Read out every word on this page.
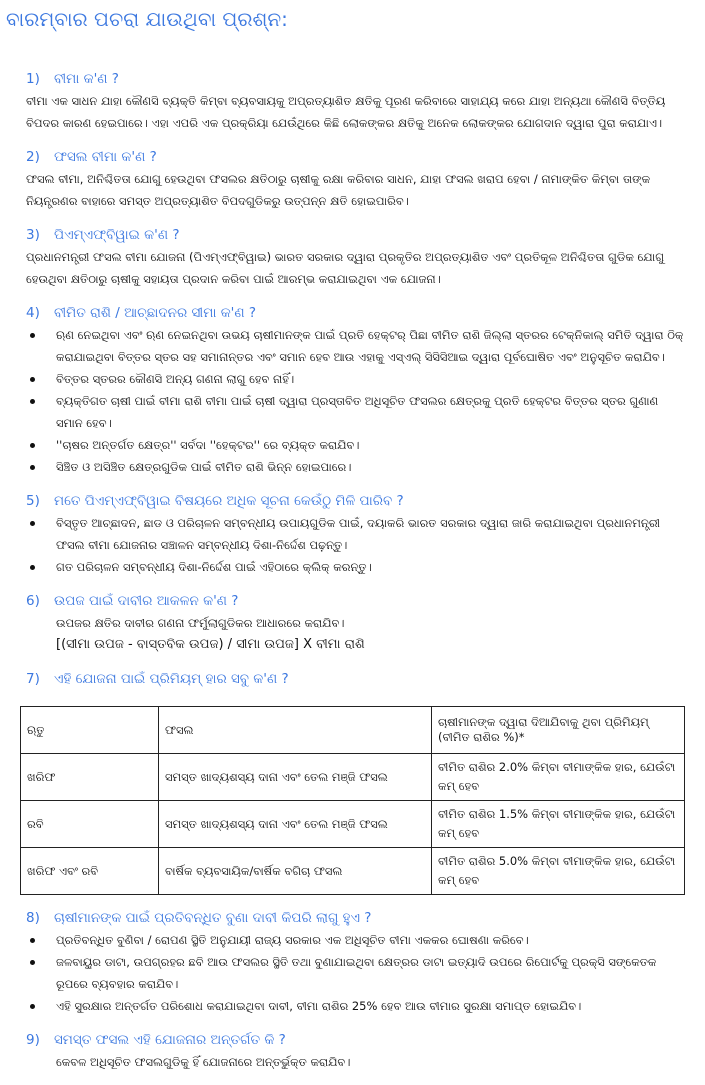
ବାରମ୍ବାର ପଚରା ଯାଉଥିବା ପ୍ରଶ୍ନ:
1) ବୀମା କ'ଣ ?
ବୀମା ଏକ ସାଧନ ଯାହା କୌଣସି ବ୍ୟକ୍ତି କିମ୍ବା ବ୍ୟବସାୟକୁ ଅପ୍ରତ୍ୟାଶିତ କ୍ଷତିକୁ ପୂରଣ କରିବାରେ ସାହାଯ୍ୟ କରେ ଯାହା ଅନ୍ୟଥା କୌଣସି ବିତ୍ତିୟ ବିପଦର କାରଣ ହେଇପାରେ। ଏହା ଏପରି ଏକ ପ୍ରକ୍ରିୟା ଯେଉଁଥିରେ କିଛି ଲୋକଙ୍କର କ୍ଷତିକୁ ଅନେକ ଲୋକଙ୍କର ଯୋଗଦାନ ଦ୍ୱାରା ପୁରା କରାଯାଏ।
2) ଫସଲ ବୀମା କ'ଣ ?
ଫସଲ ବୀମା, ଅନିଶ୍ଚିତତା ଯୋଗୁ ହେଉଥିବା ଫସଲର କ୍ଷତିଠାରୁ ଚାଷୀକୁ ରକ୍ଷା କରିବାର ସାଧନ, ଯାହା ଫସଲ ଖରାପ ହେବା / ନାମାଙ୍କିତ କିମ୍ବା ତାଙ୍କ ନିୟନ୍ତ୍ରଣର ବାହାରେ ସମସ୍ତ ଅପ୍ରତ୍ୟାଶିତ ବିପଦଗୁଡିକରୁ ଉତ୍ପନ୍ନ କ୍ଷତି ହୋଇପାରିବ।
3) ପିଏମ୍ଏଫ୍ବିୱାଇ କ'ଣ ?
ପ୍ରଧାନମନ୍ତ୍ରୀ ଫସଲ ବୀମା ଯୋଜନା (ପିଏମ୍ଏଫ୍ବିୱାଇ) ଭାରତ ସରକାର ଦ୍ୱାରା ପ୍ରକୃତିର ଅପ୍ରତ୍ୟାଶିତ ଏବଂ ପ୍ରତିକୂଳ ଅନିଶ୍ଚିତତା ଗୁଡିକ ଯୋଗୁ ହେଉଥିବା କ୍ଷତିଠାରୁ ଚାଷୀକୁ ସହାୟତା ପ୍ରଦାନ କରିବା ପାଇଁ ଆରମ୍ଭ କରାଯାଇଥିବା ଏକ ଯୋଜନା।
4) ବୀମିତ ରାଶି / ଆଚ୍ଛାଦନର ସୀମା କ'ଣ ?
ଋଣ ନେଇଥିବା ଏବଂ ଋଣ ନେଇନଥିବା ଉଭୟ ଚାଷୀମାନଙ୍କ ପାଇଁ ପ୍ରତି ହେକ୍ଟର୍ ପିଛା ବୀମିତ ରାଶି ଜିଲ୍ଲା ସ୍ତରର ଟେକ୍ନିକାଲ୍ ସମିତି ଦ୍ୱାରା ଠିକ୍ କରାଯାଇଥିବା ବିତ୍ତର ସ୍ତର ସହ ସମାନାନ୍ତର ଏବଂ ସମାନ ହେବ ଆଉ ଏହାକୁ ଏସ୍ଏଲ୍ ସିସିସିଆଇ ଦ୍ୱାରା ପୂର୍ବଘୋଷିତ ଏବଂ ଅନୁସୂଚିତ କରାଯିବ।
ବିତ୍ତର ସ୍ତରର କୌଣସି ଅନ୍ୟ ଗଣନା ଲାଗୁ ହେବ ନାହିଁ।
ବ୍ୟକ୍ତିଗତ ଚାଷୀ ପାଇଁ ବୀମା ରାଶି ବୀମା ପାଇଁ ଚାଷୀ ଦ୍ୱାରା ପ୍ରସ୍ତାବିତ ଅଧିସୂଚିତ ଫସଲର କ୍ଷେତ୍ରକୁ ପ୍ରତି ହେକ୍ଟର ବିତ୍ତର ସ୍ତର ଗୁଣାଣ ସମାନ ହେବ।
''ଚାଷର ଅନ୍ତର୍ଗତ କ୍ଷେତ୍ର'' ସର୍ବଦା ''ହେକ୍ଟର'' ରେ ବ୍ୟକ୍ତ କରାଯିବ।
ସିଞ୍ଚିତ ଓ ଅସିଞ୍ଚିତ କ୍ଷେତ୍ରଗୁଡିକ ପାଇଁ ବୀମିତ ରାଶି ଭିନ୍ନ ହୋଇପାରେ।
5) ମତେ ପିଏମ୍ଏଫ୍ବିୱାଇ ବିଷୟରେ ଅଧିକ ସୂଚନା କେଉଁଠୁ ମିଳି ପାରିବ ?
ବିସ୍ତୃତ ଆଚ୍ଛାଦନ, ଛାଡ ଓ ପରିଚାଳନ ସମ୍ବନ୍ଧୀୟ ଉପାୟଗୁଡିକ ପାଇଁ, ଦୟାକରି ଭାରତ ସରକାର ଦ୍ୱାରା ଜାରି କରାଯାଇଥିବା ପ୍ରଧାନମନ୍ତ୍ରୀ ଫସଲ ବୀମା ଯୋଜନାର ସଞ୍ଚାଳନ ସମ୍ବନ୍ଧୀୟ ଦିଶା-ନିର୍ଦ୍ଦେଶ ପଢ଼ନ୍ତୁ।
ଗତ ପରିଚାଳନ ସମ୍ବନ୍ଧୀୟ ଦିଶା-ନିର୍ଦ୍ଦେଶ ପାଇଁ ଏହିଠାରେ କ୍ଲିକ୍ କରନ୍ତୁ।
6) ଉପଜ ପାଇଁ ଦାବୀର ଆକଳନ କ'ଣ ?
ଉପଜର କ୍ଷତିର ଦାବୀର ଗଣନା ଫର୍ମୁଲାଗୁଡିକର ଆଧାରରେ କରାଯିବ।
[(ସୀମା ଉପଜ - ବାସ୍ତବିକ ଉପଜ) / ସୀମା ଉପଜ] X ବୀମା ରାଶି
7) ଏହି ଯୋଜନା ପାଇଁ ପ୍ରିମିୟମ୍ ହାର ସବୁ କ'ଣ ?
ଋତୁ	ଫସଲ	ଚାଷୀମାନଙ୍କ ଦ୍ୱାରା ଦିଆଯିବାକୁ ଥିବା ପ୍ରିମିୟମ୍ (ବୀମିତ ରାଶିର %)*
ଖରିଫ	ସମସ୍ତ ଖାଦ୍ୟଶସ୍ୟ ଦାନା ଏବଂ ତେଲ ମଞ୍ଜି ଫସଲ	ବୀମିତ ରାଶିର 2.0% କିମ୍ବା ବୀମାଙ୍କିକ ହାର, ଯେଉଁଟା କମ୍ ହେବ
ରବି	ସମସ୍ତ ଖାଦ୍ୟଶସ୍ୟ ଦାନା ଏବଂ ତେଲ ମଞ୍ଜି ଫସଲ	ବୀମିତ ରାଶିର 1.5% କିମ୍ବା ବୀମାଙ୍କିକ ହାର, ଯେଉଁଟା କମ୍ ହେବ
ଖରିଫ ଏବଂ ରବି	ବାର୍ଷିକ ବ୍ୟବସାୟିକ/ବାର୍ଷିକ ବଗିଚା ଫସଲ	ବୀମିତ ରାଶିର 5.0% କିମ୍ବା ବୀମାଙ୍କିକ ହାର, ଯେଉଁଟା କମ୍ ହେବ
8) ଚାଷୀମାନଙ୍କ ପାଇଁ ପ୍ରତିବନ୍ଧିତ ବୁଣା ଦାବୀ କିପରି ଲାଗୁ ହୁଏ ?
ପ୍ରତିବନ୍ଧିତ ବୁଣିବା / ରୋପଣ ସ୍ଥିତି ଅନୁଯାୟୀ ରାଜ୍ୟ ସରକାର ଏକ ଅଧିସୂଚିତ ବୀମା ଏକକର ଘୋଷଣା କରିବେ।
ଜଳବାୟୁର ଡାଟା, ଉପଗ୍ରହର ଛବି ଆଉ ଫସଲର ସ୍ଥିତି ତଥା ବୁଣାଯାଇଥିବା କ୍ଷେତ୍ରର ଡାଟା ଇତ୍ୟାଦି ଉପରେ ରିପୋର୍ଟକୁ ପ୍ରକ୍ସି ସଙ୍କେତକ ରୂପରେ ବ୍ୟବହାର କରାଯିବ।
ଏହି ସୁରକ୍ଷାର ଅନ୍ତର୍ଗତ ପରିଶୋଧ କରାଯାଇଥିବା ଦାବୀ, ବୀମା ରାଶିର 25% ହେବ ଆଉ ବୀମାର ସୁରକ୍ଷା ସମାପ୍ତ ହୋଇଯିବ।
9) ସମସ୍ତ ଫସଲ ଏହି ଯୋଜନାର ଅନ୍ତର୍ଗତ କି ?
କେବଳ ଅଧିସୂଚିତ ଫସଲଗୁଡିକୁ ହିଁ ଯୋଜନାରେ ଅନ୍ତର୍ଭୁକ୍ତ କରାଯିବ।
